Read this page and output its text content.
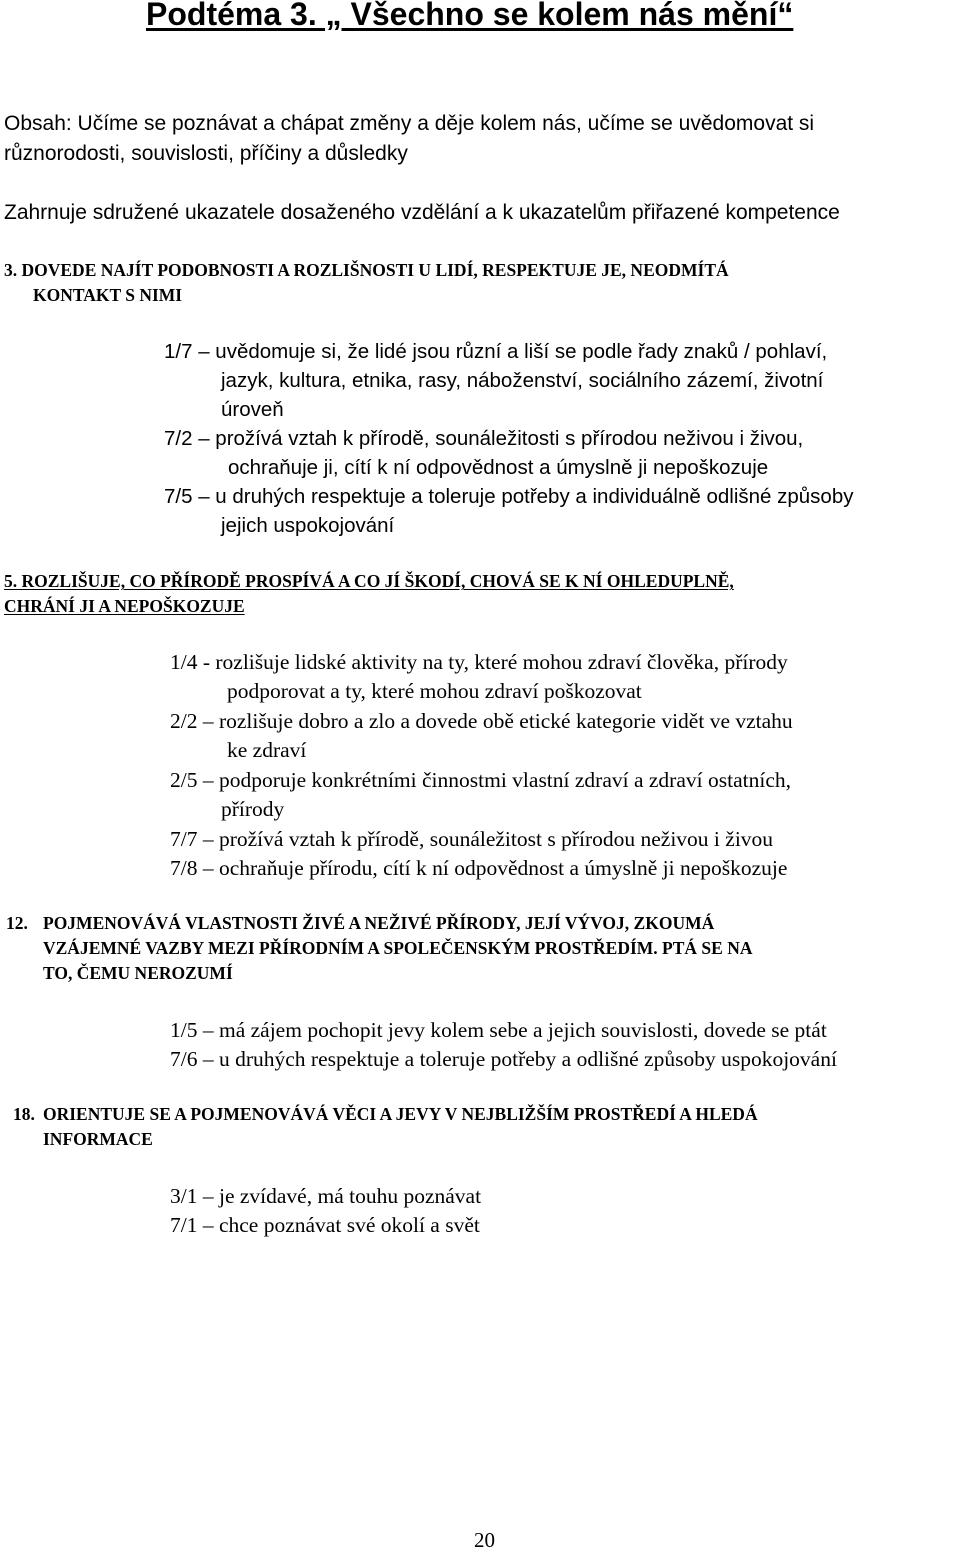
Podtéma 3. „ Všechno se kolem nás mění“
Obsah: Učíme se poznávat a chápat změny a děje kolem nás, učíme se uvědomovat si
různorodosti, souvislosti, příčiny a důsledky
Zahrnuje sdružené ukazatele dosaženého vzdělání a k ukazatelům přiřazené kompetence
3. DOVEDE NAJÍT PODOBNOSTI A ROZLIŠNOSTI U LIDÍ, RESPEKTUJE JE, NEODMÍTÁ
KONTAKT S NIMI
1/7 – uvědomuje si, že lidé jsou různí a liší se podle řady znaků / pohlaví,
jazyk, kultura, etnika, rasy, náboženství, sociálního zázemí, životní
úroveň
7/2 – prožívá vztah k přírodě, sounáležitosti s přírodou neživou i živou,
ochraňuje ji, cítí k ní odpovědnost a úmyslně ji nepoškozuje
7/5 – u druhých respektuje a toleruje potřeby a individuálně odlišné způsoby
jejich uspokojování
5. ROZLIŠUJE, CO PŘÍRODĚ PROSPÍVÁ A CO JÍ ŠKODÍ, CHOVÁ SE K NÍ OHLEDUPLNĚ,
CHRÁNÍ JI A NEPOŠKOZUJE
1/4 - rozlišuje lidské aktivity na ty, které mohou zdraví člověka, přírody
podporovat a ty, které mohou zdraví poškozovat
2/2 – rozlišuje dobro a zlo a dovede obě etické kategorie vidět ve vztahu
ke zdraví
2/5 – podporuje konkrétními činnostmi vlastní zdraví a zdraví ostatních,
přírody
7/7 – prožívá vztah k přírodě, sounáležitost s přírodou neživou i živou
7/8 – ochraňuje přírodu, cítí k ní odpovědnost a úmyslně ji nepoškozuje
12. POJMENOVÁVÁ VLASTNOSTI ŽIVÉ A NEŽIVÉ PŘÍRODY, JEJÍ VÝVOJ, ZKOUMÁ
VZÁJEMNÉ VAZBY MEZI PŘÍRODNÍM A SPOLEČENSKÝM PROSTŘEDÍM. PTÁ SE NA
TO, ČEMU NEROZUMÍ
1/5 – má zájem pochopit jevy kolem sebe a jejich souvislosti, dovede se ptát
7/6 – u druhých respektuje a toleruje potřeby a odlišné způsoby uspokojování
18. ORIENTUJE SE A POJMENOVÁVÁ VĚCI A JEVY V NEJBLIŽŠÍM PROSTŘEDÍ A HLEDÁ
INFORMACE
3/1 – je zvídavé, má touhu poznávat
7/1 – chce poznávat své okolí a svět
20
